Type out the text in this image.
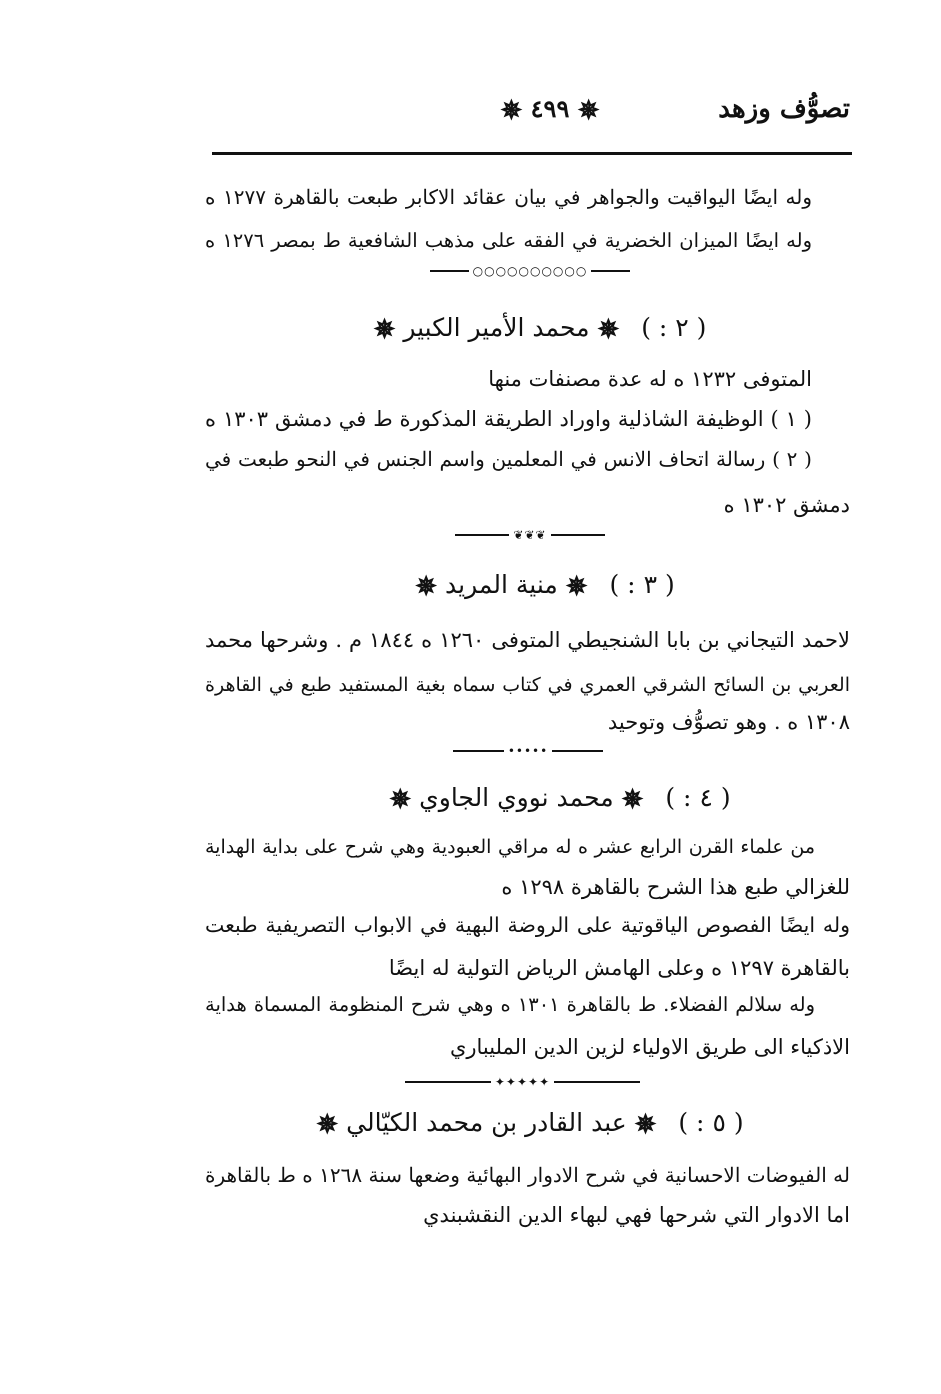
تصوُّف وزهد
✵ ٤٩٩ ✵
وله ايضًا اليواقيت والجواهر في بيان عقائد الاكابر طبعت بالقاهرة ١٢٧٧ ه
وله ايضًا الميزان الخضرية في الفقه على مذهب الشافعية ط بمصر ١٢٧٦ ه
○○○○○○○○○○
( ٢ : ) ✵ محمد الأمير الكبير ✵
المتوفى ١٢٣٢ ه له عدة مصنفات منها
( ١ ) الوظيفة الشاذلية واوراد الطريقة المذكورة ط في دمشق ١٣٠٣ ه
( ٢ ) رسالة اتحاف الانس في المعلمين واسم الجنس في النحو طبعت في
دمشق ١٣٠٢ ه
❦❦❦
( ٣ : ) ✵ منية المريد ✵
لاحمد التيجاني بن بابا الشنجيطي المتوفى ١٢٦٠ ه ١٨٤٤ م . وشرحها محمد
العربي بن السائح الشرقي العمري في كتاب سماه بغية المستفيد طبع في القاهرة
١٣٠٨ ه . وهو تصوُّف وتوحيد
•••••
( ٤ : ) ✵ محمد نووي الجاوي ✵
من علماء القرن الرابع عشر ه له مراقي العبودية وهي شرح على بداية الهداية
للغزالي طبع هذا الشرح بالقاهرة ١٢٩٨ ه
وله ايضًا الفصوص الياقوتية على الروضة البهية في الابواب التصريفية طبعت
بالقاهرة ١٢٩٧ ه وعلى الهامش الرياض التولية له ايضًا
وله سلالم الفضلاء. ط بالقاهرة ١٣٠١ ه وهي شرح المنظومة المسماة هداية
الاذكياء الى طريق الاولياء لزين الدين المليباري
✦✦✦✦✦
( ٥ : ) ✵ عبد القادر بن محمد الكيّالي ✵
له الفيوضات الاحسانية في شرح الادوار البهائية وضعها سنة ١٢٦٨ ه ط بالقاهرة
اما الادوار التي شرحها فهي لبهاء الدين النقشبندي
